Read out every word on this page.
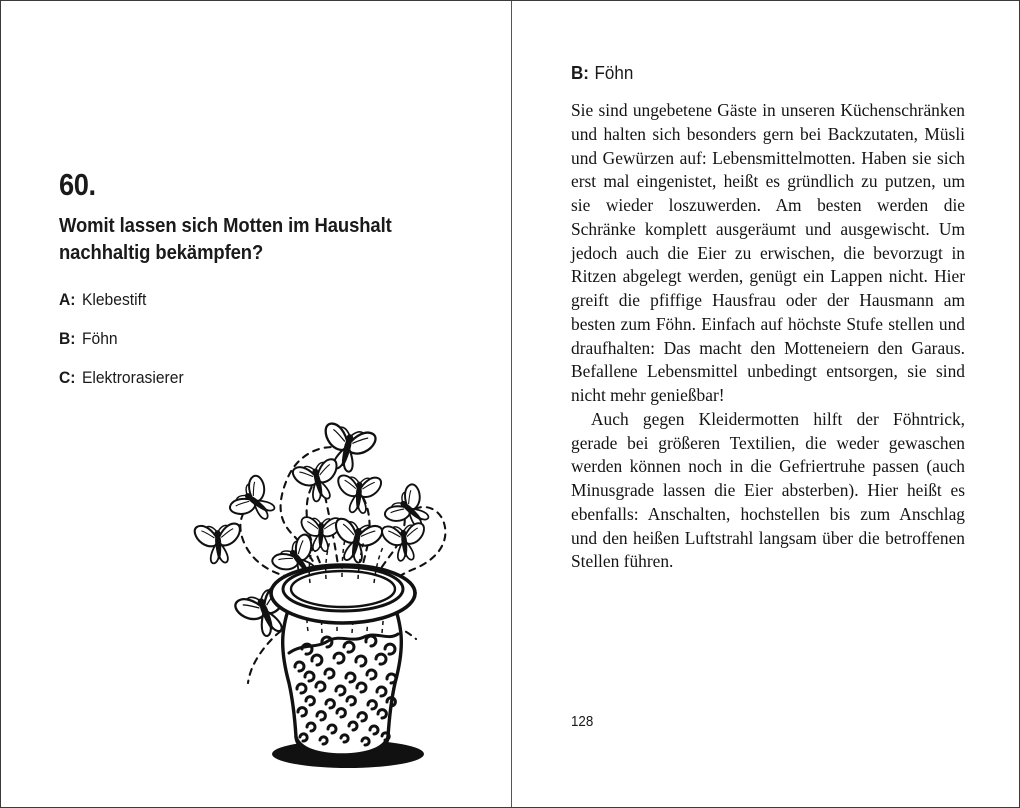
60.
Womit lassen sich Motten im Haushalt nachhaltig bekämpfen?
A: Klebestift
B: Föhn
C: Elektrorasierer
B: Föhn

Sie sind ungebetene Gäste in unseren Küchenschränken und halten sich besonders gern bei Backzutaten, Müsli und Gewürzen auf: Lebensmittelmotten. Haben sie sich erst mal eingenistet, heißt es gründlich zu putzen, um sie wieder loszuwerden. Am besten werden die Schränke komplett ausgeräumt und ausgewischt. Um jedoch auch die Eier zu erwischen, die bevorzugt in Ritzen abgelegt werden, genügt ein Lappen nicht. Hier greift die pfiffige Hausfrau oder der Hausmann am besten zum Föhn. Einfach auf höchste Stufe stellen und draufhalten: Das macht den Motteneiern den Garaus. Befallene Lebensmittel unbedingt entsorgen, sie sind nicht mehr genießbar!

Auch gegen Kleidermotten hilft der Föhntrick, gerade bei größeren Textilien, die weder gewaschen werden können noch in die Gefriertruhe passen (auch Minusgrade lassen die Eier absterben). Hier heißt es ebenfalls: Anschalten, hochstellen bis zum Anschlag und den heißen Luftstrahl langsam über die betroffenen Stellen führen.

128
